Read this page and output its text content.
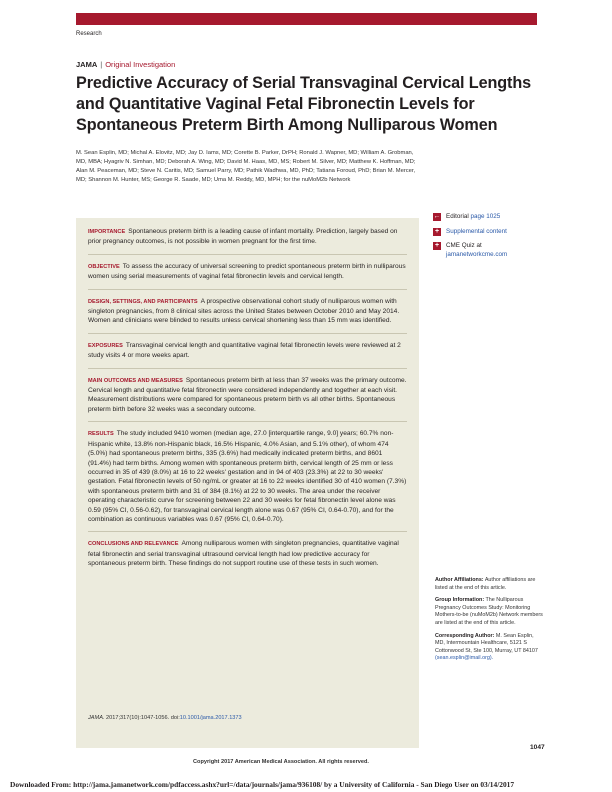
Research
JAMA | Original Investigation
Predictive Accuracy of Serial Transvaginal Cervical Lengths and Quantitative Vaginal Fetal Fibronectin Levels for Spontaneous Preterm Birth Among Nulliparous Women
M. Sean Esplin, MD; Michal A. Elovitz, MD; Jay D. Iams, MD; Corette B. Parker, DrPH; Ronald J. Wapner, MD; William A. Grobman, MD, MBA; Hyagriv N. Simhan, MD; Deborah A. Wing, MD; David M. Haas, MD, MS; Robert M. Silver, MD; Matthew K. Hoffman, MD; Alan M. Peaceman, MD; Steve N. Caritis, MD; Samuel Parry, MD; Pathik Wadhwa, MD, PhD; Tatiana Foroud, PhD; Brian M. Mercer, MD; Shannon M. Hunter, MS; George R. Saade, MD; Uma M. Reddy, MD, MPH; for the nuMoM2b Network
IMPORTANCE Spontaneous preterm birth is a leading cause of infant mortality. Prediction, largely based on prior pregnancy outcomes, is not possible in women pregnant for the first time.
OBJECTIVE To assess the accuracy of universal screening to predict spontaneous preterm birth in nulliparous women using serial measurements of vaginal fetal fibronectin levels and cervical length.
DESIGN, SETTINGS, AND PARTICIPANTS A prospective observational cohort study of nulliparous women with singleton pregnancies, from 8 clinical sites across the United States between October 2010 and May 2014. Women and clinicians were blinded to results unless cervical shortening less than 15 mm was identified.
EXPOSURES Transvaginal cervical length and quantitative vaginal fetal fibronectin levels were reviewed at 2 study visits 4 or more weeks apart.
MAIN OUTCOMES AND MEASURES Spontaneous preterm birth at less than 37 weeks was the primary outcome. Cervical length and quantitative fetal fibronectin were considered independently and together at each visit. Measurement distributions were compared for spontaneous preterm birth vs all other births. Spontaneous preterm birth before 32 weeks was a secondary outcome.
RESULTS The study included 9410 women (median age, 27.0 [interquartile range, 9.0] years; 60.7% non-Hispanic white, 13.8% non-Hispanic black, 16.5% Hispanic, 4.0% Asian, and 5.1% other), of whom 474 (5.0%) had spontaneous preterm births, 335 (3.6%) had medically indicated preterm births, and 8601 (91.4%) had term births. Among women with spontaneous preterm birth, cervical length of 25 mm or less occurred in 35 of 439 (8.0%) at 16 to 22 weeks' gestation and in 94 of 403 (23.3%) at 22 to 30 weeks' gestation. Fetal fibronectin levels of 50 ng/mL or greater at 16 to 22 weeks identified 30 of 410 women (7.3%) with spontaneous preterm birth and 31 of 384 (8.1%) at 22 to 30 weeks. The area under the receiver operating characteristic curve for screening between 22 and 30 weeks for fetal fibronectin level alone was 0.59 (95% CI, 0.56-0.62), for transvaginal cervical length alone was 0.67 (95% CI, 0.64-0.70), and for the combination as continuous variables was 0.67 (95% CI, 0.64-0.70).
CONCLUSIONS AND RELEVANCE Among nulliparous women with singleton pregnancies, quantitative vaginal fetal fibronectin and serial transvaginal ultrasound cervical length had low predictive accuracy for spontaneous preterm birth. These findings do not support routine use of these tests in such women.
JAMA. 2017;317(10):1047-1056. doi:10.1001/jama.2017.1373
← Editorial page 1025
+	Supplemental content
+	CME Quiz at
jamanetworkcme.com

Author Affiliations: Author affiliations are listed at the end of this article.

Group Information: The Nulliparous Pregnancy Outcomes Study: Monitoring Mothers-to-be (nuMoM2b) Network members are listed at the end of this article.

Corresponding Author: M. Sean Esplin, MD, Intermountain Healthcare, 5121 S Cottonwood St, Ste 100, Murray, UT 84107 (sean.esplin@imail.org).

1047
Copyright 2017 American Medical Association. All rights reserved.
Downloaded From: http://jama.jamanetwork.com/pdfaccess.ashx?url=/data/journals/jama/936108/ by a University of California - San Diego User on 03/14/2017
